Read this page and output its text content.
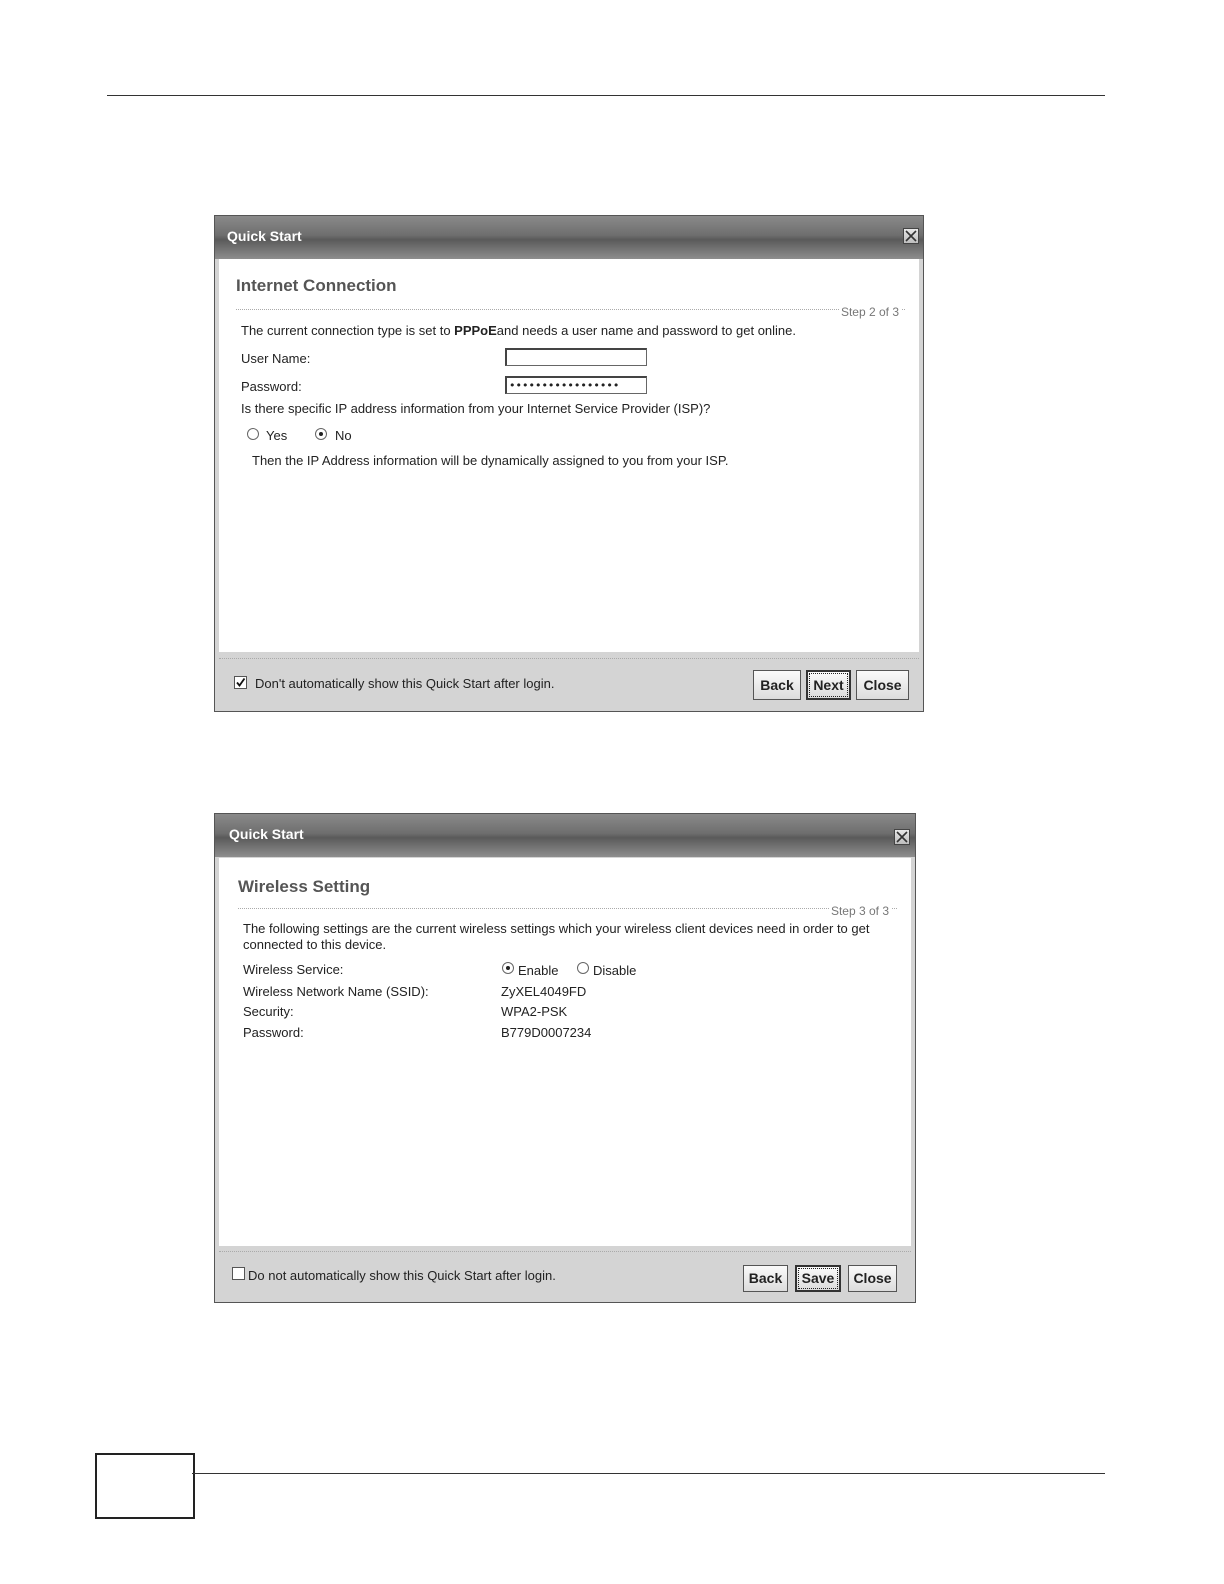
Quick Start
Internet Connection
Step 2 of 3
The current connection type is set to PPPoEand needs a user name and password to get online.
User Name:
Password:	•••••••••••••••••
Is there specific IP address information from your Internet Service Provider (ISP)?
Yes	No
Then the IP Address information will be dynamically assigned to you from your ISP.
Don't automatically show this Quick Start after login.	Back	Next	Close
Quick Start
Wireless Setting
Step 3 of 3
The following settings are the current wireless settings which your wireless client devices need in order to get
connected to this device.
Wireless Service:	Enable	Disable
Wireless Network Name (SSID):	ZyXEL4049FD
Security:	WPA2-PSK
Password:	B779D0007234
Do not automatically show this Quick Start after login.	Back	Save	Close
